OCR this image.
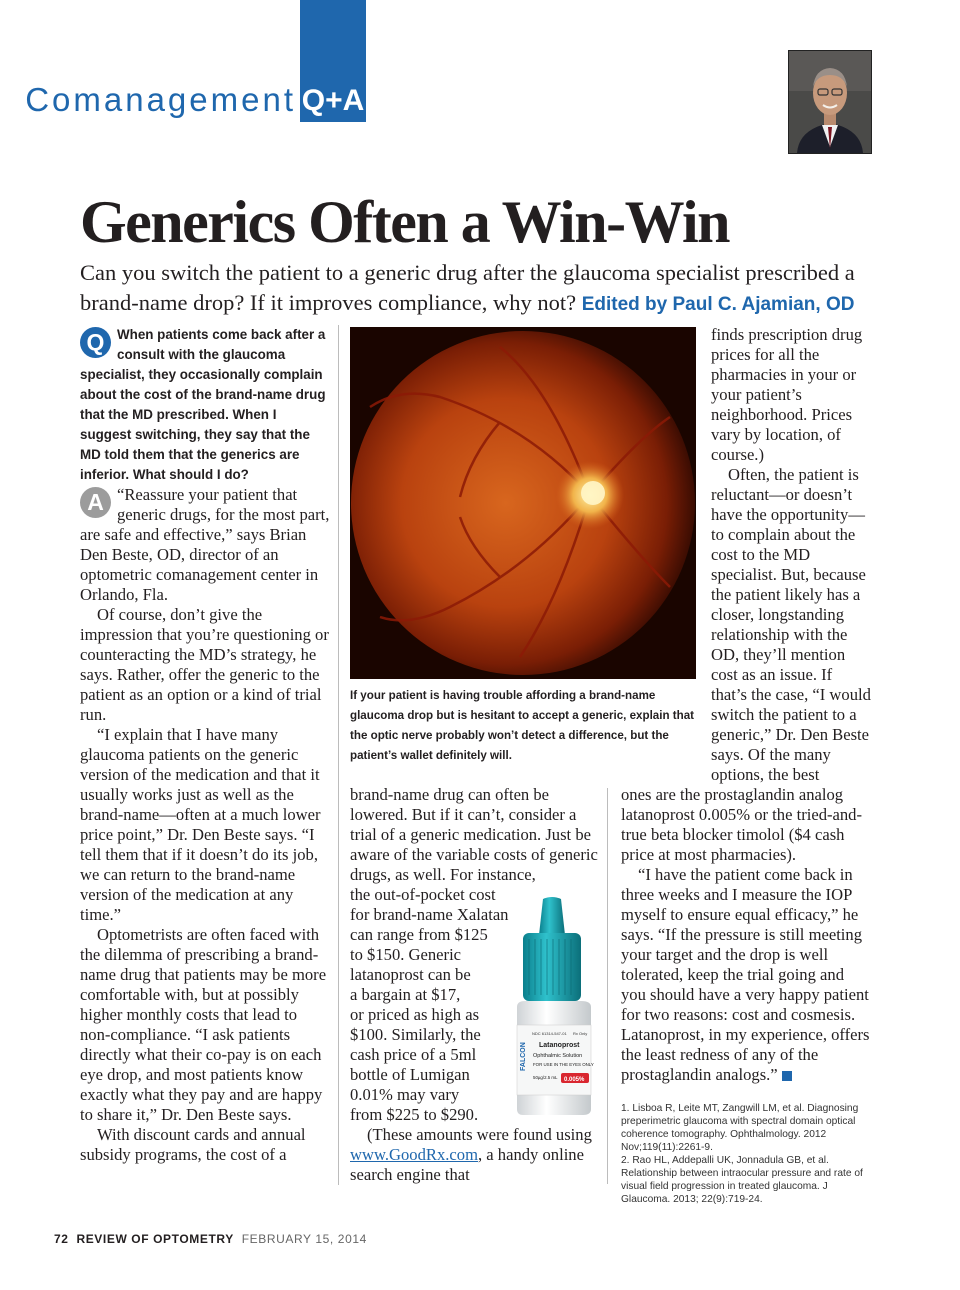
Q+A
Comanagement
Generics Often a Win-Win
Can you switch the patient to a generic drug after the glaucoma specialist prescribed a brand-name drop? If it improves compliance, why not? Edited by Paul C. Ajamian, OD
Q When patients come back after a consult with the glaucoma specialist, they occasionally complain about the cost of the brand-name drug that the MD prescribed. When I suggest switching, they say that the MD told them that the generics are inferior. What should I do?
A “Reassure your patient that generic drugs, for the most part, are safe and effective,” says Brian Den Beste, OD, director of an optometric comanagement center in Orlando, Fla.

Of course, don’t give the impression that you’re questioning or counteracting the MD’s strategy, he says. Rather, offer the generic to the patient as an option or a kind of trial run.

“I explain that I have many glaucoma patients on the generic version of the medication and that it usually works just as well as the brand-name—often at a much lower price point,” Dr. Den Beste says. “I tell them that if it doesn’t do its job, we can return to the brand-name version of the medication at any time.”

Optometrists are often faced with the dilemma of prescribing a brand-name drug that patients may be more comfortable with, but at possibly higher monthly costs that lead to non-compliance. “I ask patients directly what their co-pay is on each eye drop, and most patients know exactly what they pay and are happy to share it,” Dr. Den Beste says.

With discount cards and annual subsidy programs, the cost of a

If your patient is having trouble affording a brand-name glaucoma drop but is hesitant to accept a generic, explain that the optic nerve probably won’t detect a difference, but the patient’s wallet definitely will.

brand-name drug can often be lowered. But if it can’t, consider a trial of a generic medication. Just be aware of the variable costs of generic drugs, as well. For instance,

the out-of-pocket cost
for brand-name Xalatan
can range from $125
to $150. Generic
latanoprost can be
a bargain at $17,
or priced as high as
$100. Similarly, the
cash price of a 5ml
bottle of Lumigan
0.01% may vary
from $225 to $290.

(These amounts were found using www.GoodRx.com, a handy online search engine that

FALCON
NDC 61314-547-01 Rx Only
Latanoprost
Ophthalmic Solution
FOR USE IN THE EYES ONLY
50µg/2.5 mL 0.005%

finds prescription drug prices for all the pharmacies in your or your patient’s neighborhood. Prices vary by location, of course.)

Often, the patient is reluctant—or doesn’t have the opportunity—to complain about the cost to the MD specialist. But, because the patient likely has a closer, longstanding relationship with the OD, they’ll mention cost as an issue. If that’s the case, “I would switch the patient to a generic,” Dr. Den Beste says. Of the many options, the best

ones are the prostaglandin analog latanoprost 0.005% or the tried-and-true beta blocker timolol ($4 cash price at most pharmacies).

“I have the patient come back in three weeks and I measure the IOP myself to ensure equal efficacy,” he says. “If the pressure is still meeting your target and the drop is well tolerated, keep the trial going and you should have a very happy patient for two reasons: cost and cosmesis. Latanoprost, in my experience, offers the least redness of any of the prostaglandin analogs.”

1. Lisboa R, Leite MT, Zangwill LM, et al. Diagnosing preperimetric glaucoma with spectral domain optical coherence tomography. Ophthalmology. 2012 Nov;119(11):2261-9.

2. Rao HL, Addepalli UK, Jonnadula GB, et al. Relationship between intraocular pressure and rate of visual field progression in treated glaucoma. J Glaucoma. 2013; 22(9):719-24.

72 REVIEW OF OPTOMETRY FEBRUARY 15, 2014
